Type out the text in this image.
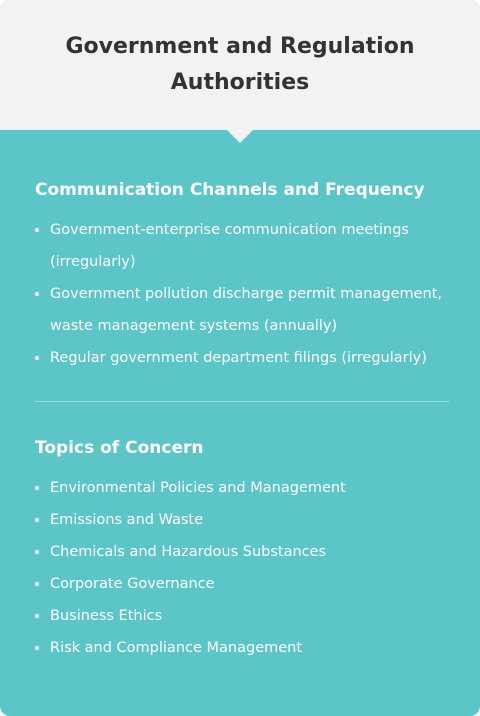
Government and Regulation Authorities
Communication Channels and Frequency
Government-enterprise communication meetings (irregularly)
Government pollution discharge permit management, waste management systems (annually)
Regular government department filings (irregularly)
Topics of Concern
Environmental Policies and Management
Emissions and Waste
Chemicals and Hazardous Substances
Corporate Governance
Business Ethics
Risk and Compliance Management
